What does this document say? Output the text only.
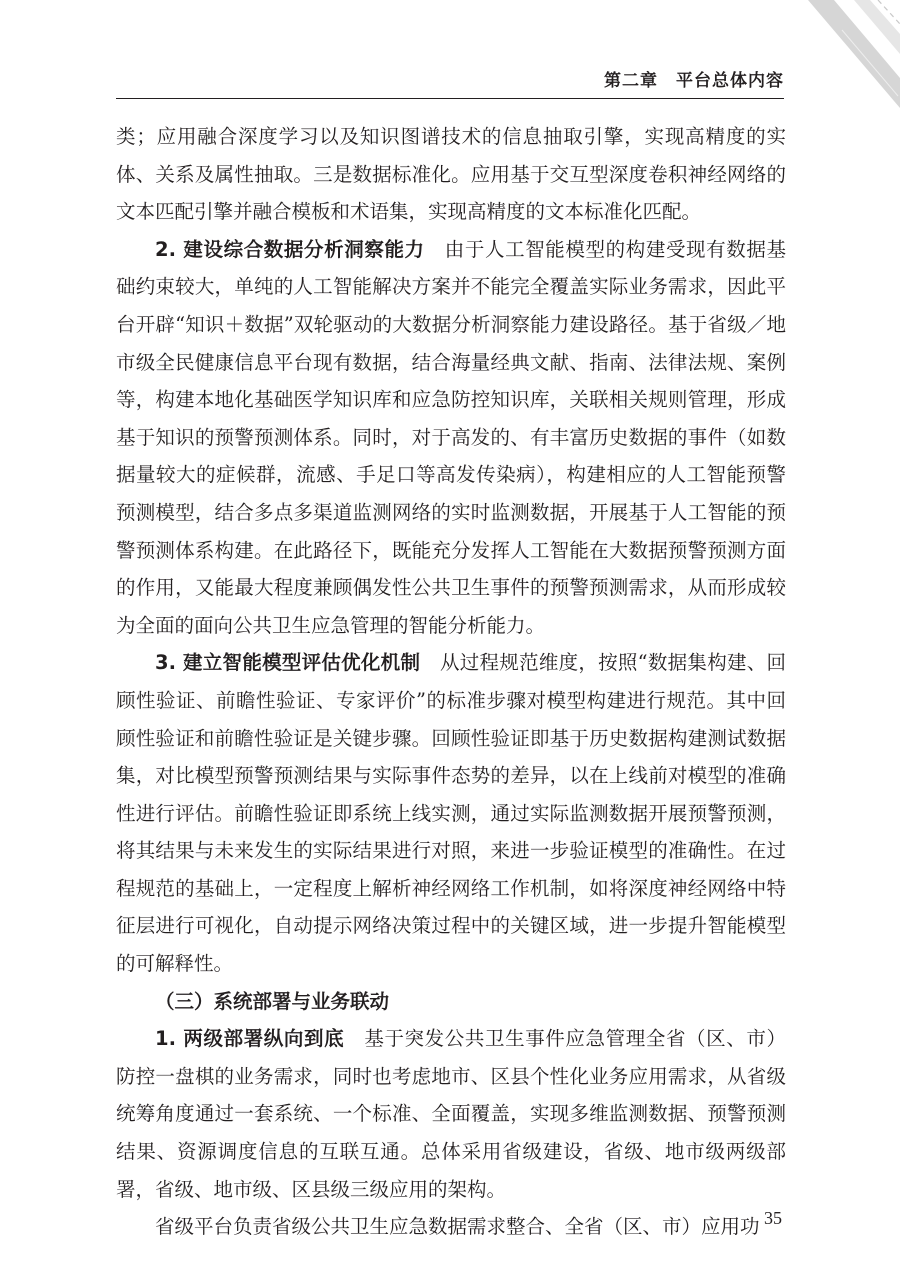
第二章　平台总体内容

类；应用融合深度学习以及知识图谱技术的信息抽取引擎，实现高精度的实体、关系及属性抽取。三是数据标准化。应用基于交互型深度卷积神经网络的文本匹配引擎并融合模板和术语集，实现高精度的文本标准化匹配。

2. 建设综合数据分析洞察能力　 由于人工智能模型的构建受现有数据基础约束较大，单纯的人工智能解决方案并不能完全覆盖实际业务需求，因此平台开辟“知识＋数据”双轮驱动的大数据分析洞察能力建设路径。基于省级／地市级全民健康信息平台现有数据，结合海量经典文献、指南、法律法规、案例等，构建本地化基础医学知识库和应急防控知识库，关联相关规则管理，形成基于知识的预警预测体系。同时，对于高发的、有丰富历史数据的事件（如数据量较大的症候群，流感、手足口等高发传染病），构建相应的人工智能预警预测模型，结合多点多渠道监测网络的实时监测数据，开展基于人工智能的预警预测体系构建。在此路径下，既能充分发挥人工智能在大数据预警预测方面的作用，又能最大程度兼顾偶发性公共卫生事件的预警预测需求，从而形成较为全面的面向公共卫生应急管理的智能分析能力。

3. 建立智能模型评估优化机制　 从过程规范维度，按照“数据集构建、回顾性验证、前瞻性验证、专家评价”的标准步骤对模型构建进行规范。其中回顾性验证和前瞻性验证是关键步骤。回顾性验证即基于历史数据构建测试数据集，对比模型预警预测结果与实际事件态势的差异，以在上线前对模型的准确性进行评估。前瞻性验证即系统上线实测，通过实际监测数据开展预警预测，将其结果与未来发生的实际结果进行对照，来进一步验证模型的准确性。在过程规范的基础上，一定程度上解析神经网络工作机制，如将深度神经网络中特征层进行可视化，自动提示网络决策过程中的关键区域，进一步提升智能模型的可解释性。

（三）系统部署与业务联动

1. 两级部署纵向到底　 基于突发公共卫生事件应急管理全省（区、市）防控一盘棋的业务需求，同时也考虑地市、区县个性化业务应用需求，从省级统筹角度通过一套系统、一个标准、全面覆盖，实现多维监测数据、预警预测结果、资源调度信息的互联互通。总体采用省级建设，省级、地市级两级部署，省级、地市级、区县级三级应用的架构。

省级平台负责省级公共卫生应急数据需求整合、全省（区、市）应用功 35
